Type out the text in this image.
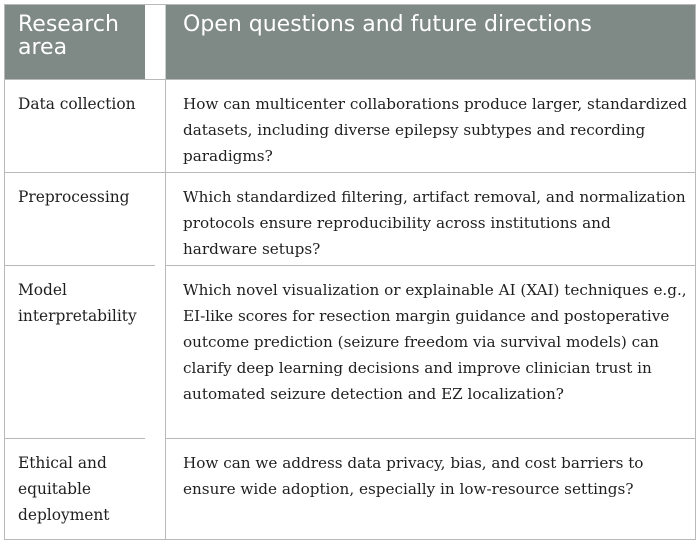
Research area
Open questions and future directions
Data collection	How can multicenter collaborations produce larger, standardized datasets, including diverse epilepsy subtypes and recording paradigms?
Preprocessing	Which standardized filtering, artifact removal, and normalization protocols ensure reproducibility across institutions and hardware setups?
Model interpretability
Which novel visualization or explainable AI (XAI) techniques e.g., EI-like scores for resection margin guidance and postoperative outcome prediction (seizure freedom via survival models) can clarify deep learning decisions and improve clinician trust in automated seizure detection and EZ localization?
Ethical and equitable deployment
How can we address data privacy, bias, and cost barriers to ensure wide adoption, especially in low-resource settings?
